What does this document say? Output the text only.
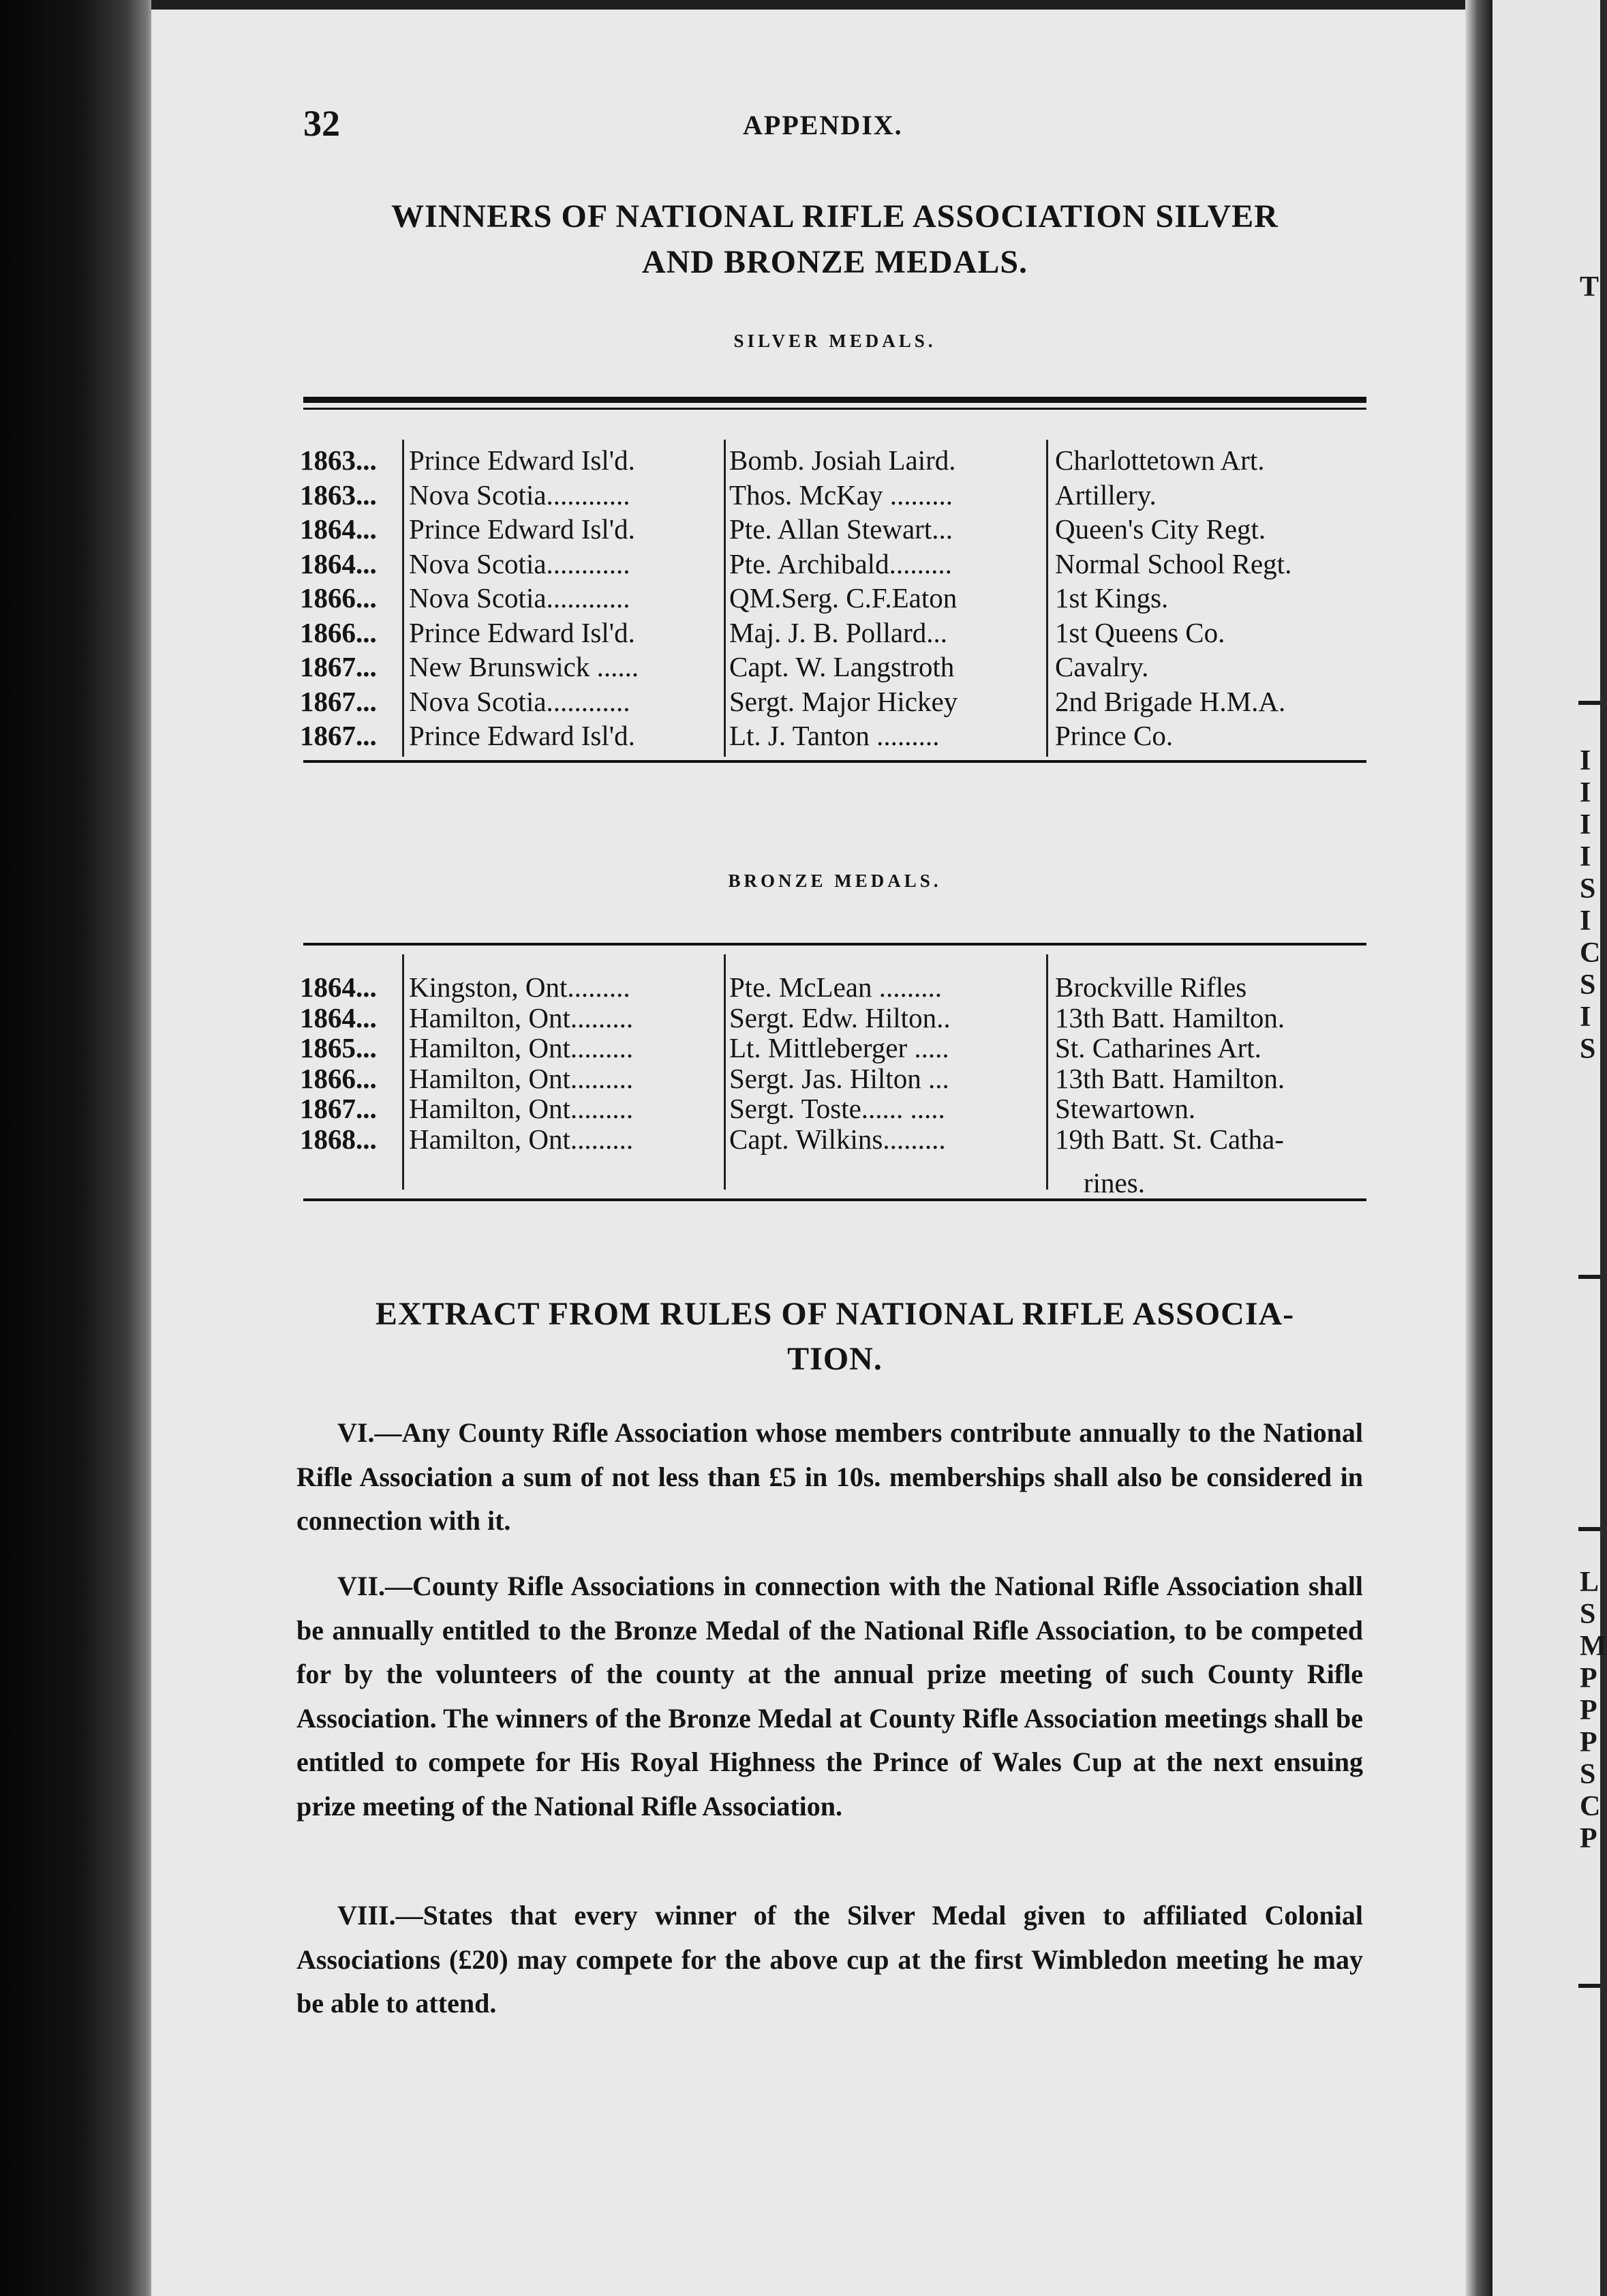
32	APPENDIX.
WINNERS OF NATIONAL RIFLE ASSOCIATION SILVER
AND BRONZE MEDALS.
SILVER MEDALS.
1863...	Prince Edward Isl'd.	Bomb. Josiah Laird.	Charlottetown Art.
1863...	Nova Scotia............	Thos. McKay .........	Artillery.
1864...	Prince Edward Isl'd.	Pte. Allan Stewart...	Queen's City Regt.
1864...	Nova Scotia............	Pte. Archibald.........	Normal School Regt.
1866...	Nova Scotia............	QM.Serg. C.F.Eaton	1st Kings.
1866...	Prince Edward Isl'd.	Maj. J. B. Pollard...	1st Queens Co.
1867...	New Brunswick ......	Capt. W. Langstroth	Cavalry.
1867...	Nova Scotia............	Sergt. Major Hickey	2nd Brigade H.M.A.
1867...	Prince Edward Isl'd.	Lt. J. Tanton .........	Prince Co.
BRONZE MEDALS.
1864...	Kingston, Ont.........	Pte. McLean .........	Brockville Rifles
1864...	Hamilton, Ont.........	Sergt. Edw. Hilton..	13th Batt. Hamilton.
1865...	Hamilton, Ont.........	Lt. Mittleberger .....	St. Catharines Art.
1866...	Hamilton, Ont.........	Sergt. Jas. Hilton ...	13th Batt. Hamilton.
1867...	Hamilton, Ont.........	Sergt. Toste...... .....	Stewartown.
1868...	Hamilton, Ont.........	Capt. Wilkins.........	19th Batt. St. Catha-
rines.
EXTRACT FROM RULES OF NATIONAL RIFLE ASSOCIA-
TION.

VI.—Any County Rifle Association whose members contribute annually to the National Rifle Association a sum of not less than £5 in 10s. memberships shall also be considered in connection with it.

VII.—County Rifle Associations in connection with the National Rifle Association shall be annually entitled to the Bronze Medal of the National Rifle Association, to be competed for by the volunteers of the county at the annual prize meeting of such County Rifle Association. The winners of the Bronze Medal at County Rifle Association meetings shall be entitled to compete for His Royal Highness the Prince of Wales Cup at the next ensuing prize meeting of the National Rifle Association.

VIII.—States that every winner of the Silver Medal given to affiliated Colonial Associations (£20) may compete for the above cup at the first Wimbledon meeting he may be able to attend.

T
I
I
I
I
S
I
C
S
I
S
L
S
M
P
P
P
S
C
P
